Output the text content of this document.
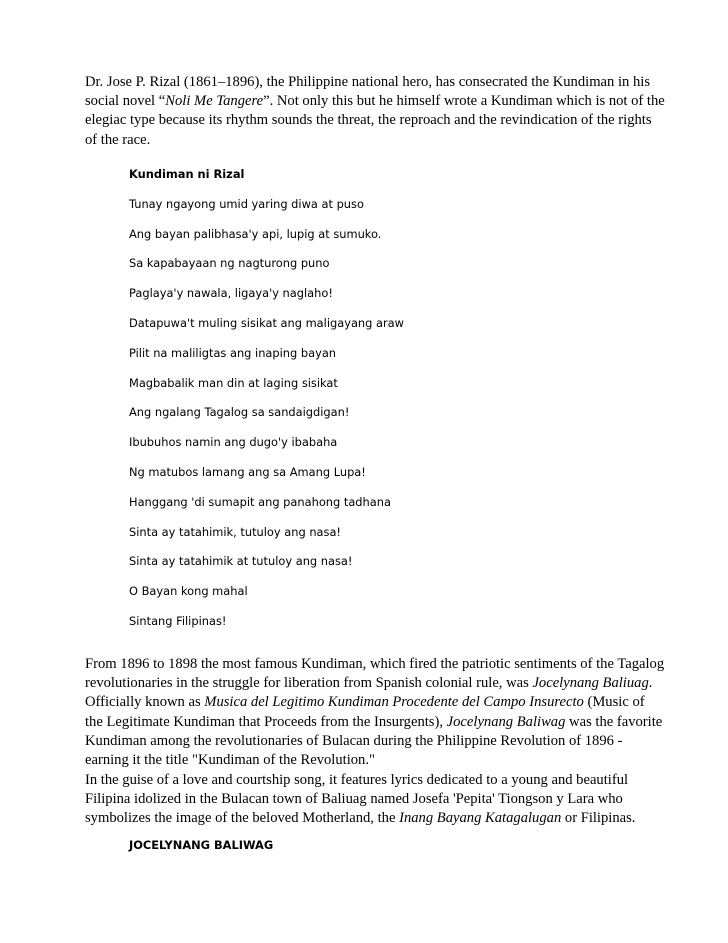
Dr. Jose P. Rizal (1861–1896), the Philippine national hero, has consecrated the Kundiman in his social novel “Noli Me Tangere”. Not only this but he himself wrote a Kundiman which is not of the elegiac type because its rhythm sounds the threat, the reproach and the revindication of the rights of the race.

Kundiman ni Rizal
Tunay ngayong umid yaring diwa at puso
Ang bayan palibhasa'y api, lupig at sumuko.
Sa kapabayaan ng nagturong puno
Paglaya'y nawala, ligaya'y naglaho!
Datapuwa't muling sisikat ang maligayang araw
Pilit na maliligtas ang inaping bayan
Magbabalik man din at laging sisikat
Ang ngalang Tagalog sa sandaigdigan!
Ibubuhos namin ang dugo'y ibabaha
Ng matubos lamang ang sa Amang Lupa!
Hanggang 'di sumapit ang panahong tadhana
Sinta ay tatahimik, tutuloy ang nasa!
Sinta ay tatahimik at tutuloy ang nasa!
O Bayan kong mahal
Sintang Filipinas!

From 1896 to 1898 the most famous Kundiman, which fired the patriotic sentiments of the Tagalog revolutionaries in the struggle for liberation from Spanish colonial rule, was Jocelynang Baliuag. Officially known as Musica del Legitimo Kundiman Procedente del Campo Insurecto (Music of the Legitimate Kundiman that Proceeds from the Insurgents), Jocelynang Baliwag was the favorite Kundiman among the revolutionaries of Bulacan during the Philippine Revolution of 1896 - earning it the title "Kundiman of the Revolution."

In the guise of a love and courtship song, it features lyrics dedicated to a young and beautiful Filipina idolized in the Bulacan town of Baliuag named Josefa 'Pepita' Tiongson y Lara who symbolizes the image of the beloved Motherland, the Inang Bayang Katagalugan or Filipinas.

JOCELYNANG BALIWAG
